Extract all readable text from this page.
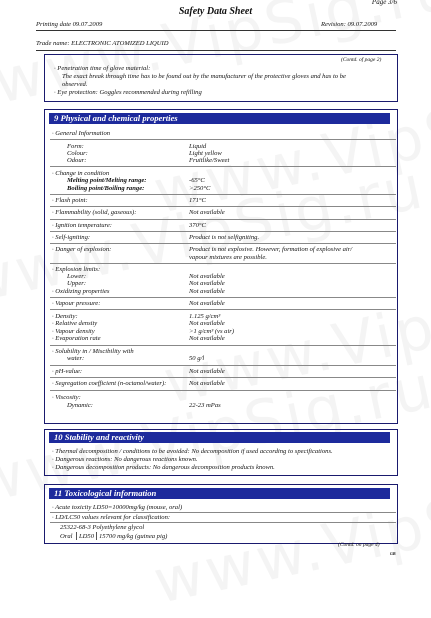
Page 3/6
Safety Data Sheet
Printing date 09.07.2009	Revision: 09.07.2009
Trade name: ELECTRONIC ATOMIZED LIQUID
(Contd. of page 2)
· Penetration time of glove material:
The exact break through time has to be found out by the manufacturer of the protective gloves and has to be
observed.
· Eye protection: Goggles recommended during refilling
9 Physical and chemical properties
· General Information
Form:	Liquid
Colour:	Light yellow
Odour:	Fruitlike/Sweet
· Change in condition
Melting point/Melting range:	-65°C
Boiling point/Boiling range:	>250°C
· Flash point:	171°C
· Flammability (solid, gaseous):	Not available
· Ignition temperature:	370°C
· Self-igniting:	Product is not selfigniting.
· Danger of explosion:	Product is not explosive. However, formation of explosive air/
vapour mixtures are possible.
· Explosion limits:
Lower:	Not available
Upper:	Not available
· Oxidizing properties	Not available
· Vapour pressure:	Not available
· Density:	1.125 g/cm³
· Relative density	Not available
· Vapour density	>1 g/cm³ (vs air)
· Evaporation rate	Not available
· Solubility in / Miscibility with
water:	50 g/l
· pH-value:	Not available
· Segregation coefficient (n-octanol/water):	Not available
· Viscosity:
Dynamic:	22-23 mPas
10 Stability and reactivity
· Thermal decomposition / conditions to be avoided: No decomposition if used according to specifications.
· Dangerous reactions: No dangerous reactions known.
· Dangerous decomposition products: No dangerous decomposition products known.
11 Toxicological information
· Acute toxicity LD50=10000mg/kg (mouse, oral)
· LD/LC50 values relevant for classification:
25322-68-3 Polyethylene glycol
Oral LD50 15700 mg/kg (guinea pig)
(Contd. on page 4)
GB
